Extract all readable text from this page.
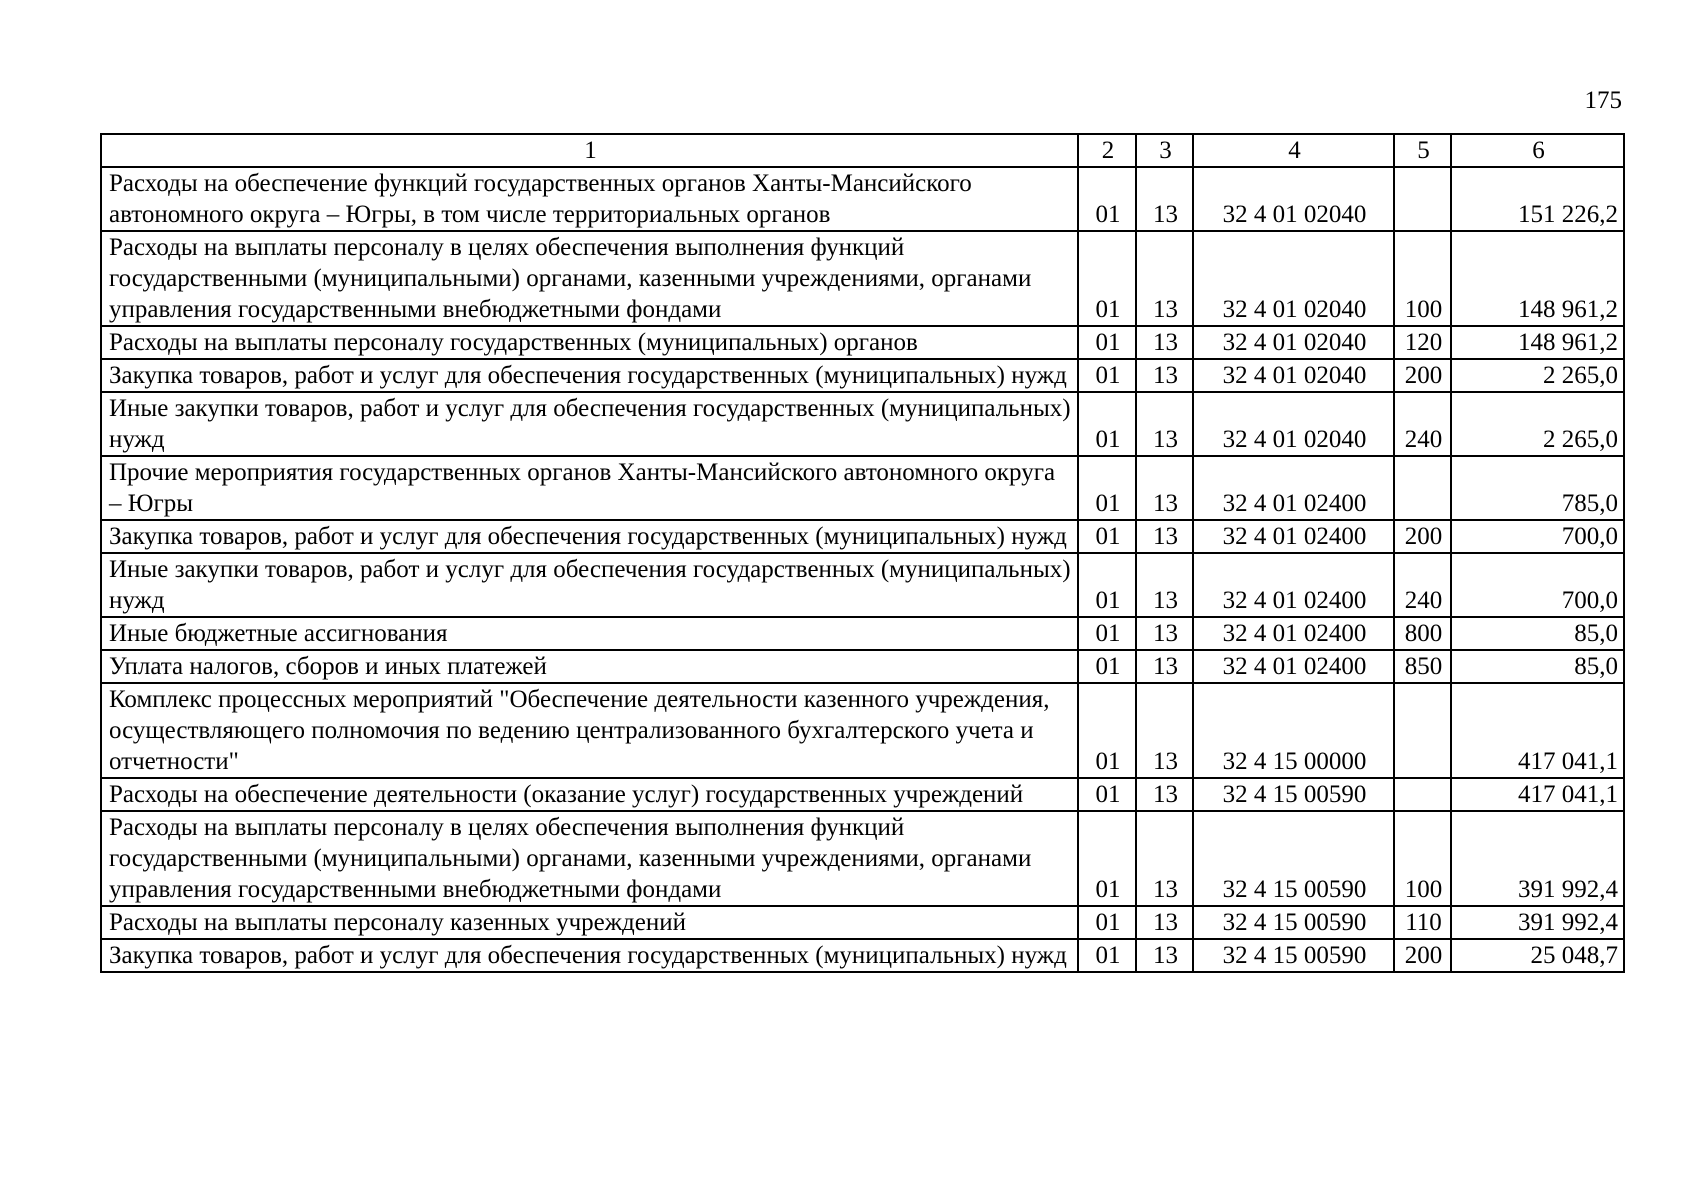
175
1	2	3	4	5	6
Расходы на обеспечение функций государственных органов Ханты-Мансийского автономного округа – Югры, в том числе территориальных органов	01	13	32 4 01 02040		151 226,2
Расходы на выплаты персоналу в целях обеспечения выполнения функций государственными (муниципальными) органами, казенными учреждениями, органами управления государственными внебюджетными фондами	01	13	32 4 01 02040	100	148 961,2
Расходы на выплаты персоналу государственных (муниципальных) органов	01	13	32 4 01 02040	120	148 961,2
Закупка товаров, работ и услуг для обеспечения государственных (муниципальных) нужд	01	13	32 4 01 02040	200	2 265,0
Иные закупки товаров, работ и услуг для обеспечения государственных (муниципальных) нужд	01	13	32 4 01 02040	240	2 265,0
Прочие мероприятия государственных органов Ханты-Мансийского автономного округа – Югры	01	13	32 4 01 02400		785,0
Закупка товаров, работ и услуг для обеспечения государственных (муниципальных) нужд	01	13	32 4 01 02400	200	700,0
Иные закупки товаров, работ и услуг для обеспечения государственных (муниципальных) нужд	01	13	32 4 01 02400	240	700,0
Иные бюджетные ассигнования	01	13	32 4 01 02400	800	85,0
Уплата налогов, сборов и иных платежей	01	13	32 4 01 02400	850	85,0
Комплекс процессных мероприятий "Обеспечение деятельности казенного учреждения, осуществляющего полномочия по ведению централизованного бухгалтерского учета и отчетности"	01	13	32 4 15 00000		417 041,1
Расходы на обеспечение деятельности (оказание услуг) государственных учреждений	01	13	32 4 15 00590		417 041,1
Расходы на выплаты персоналу в целях обеспечения выполнения функций государственными (муниципальными) органами, казенными учреждениями, органами управления государственными внебюджетными фондами	01	13	32 4 15 00590	100	391 992,4
Расходы на выплаты персоналу казенных учреждений	01	13	32 4 15 00590	110	391 992,4
Закупка товаров, работ и услуг для обеспечения государственных (муниципальных) нужд	01	13	32 4 15 00590	200	25 048,7
